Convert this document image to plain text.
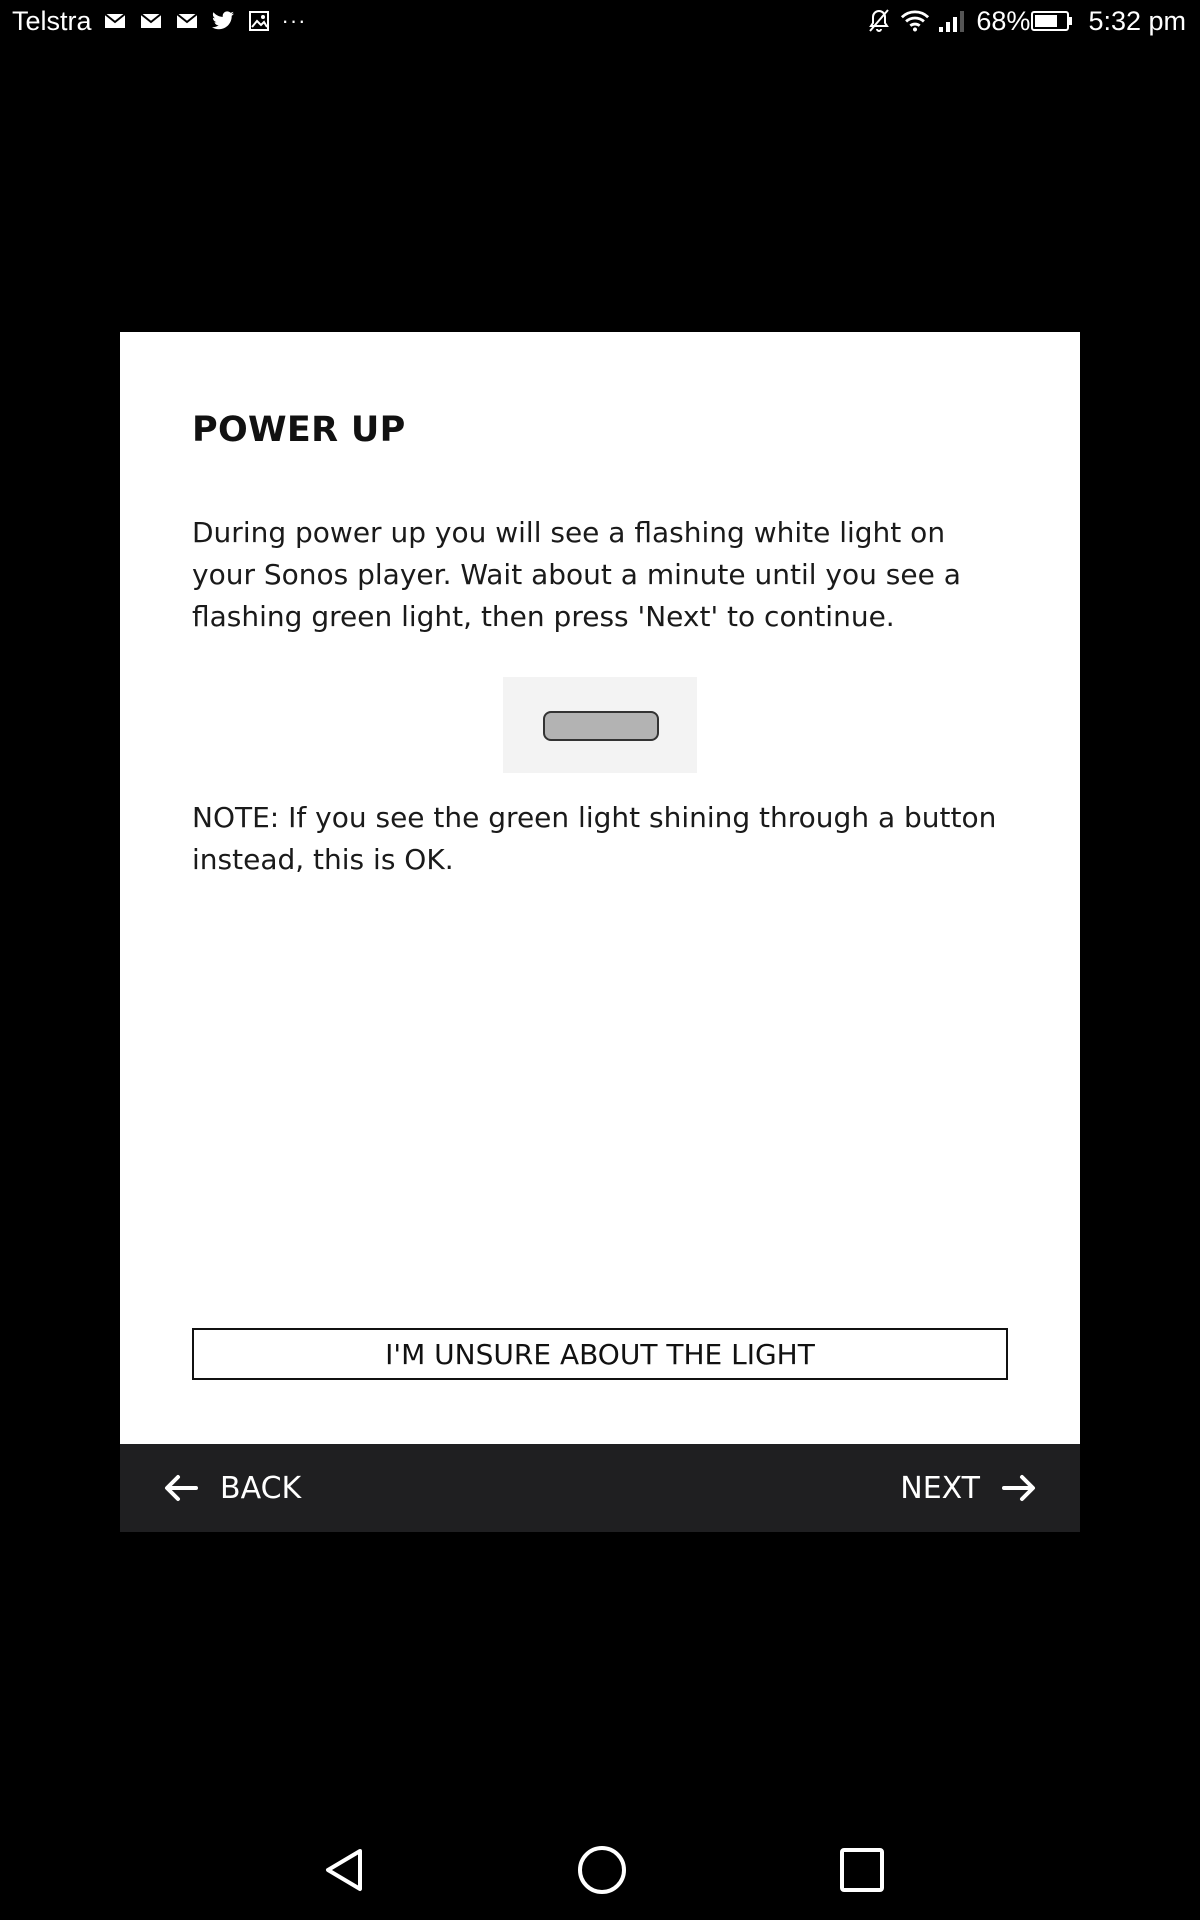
Telstra	···	68% 5:32 pm
POWER UP

During power up you will see a flashing white light on your Sonos player. Wait about a minute until you see a flashing green light, then press 'Next' to continue.

NOTE: If you see the green light shining through a button instead, this is OK.

I'M UNSURE ABOUT THE LIGHT
BACK	NEXT
